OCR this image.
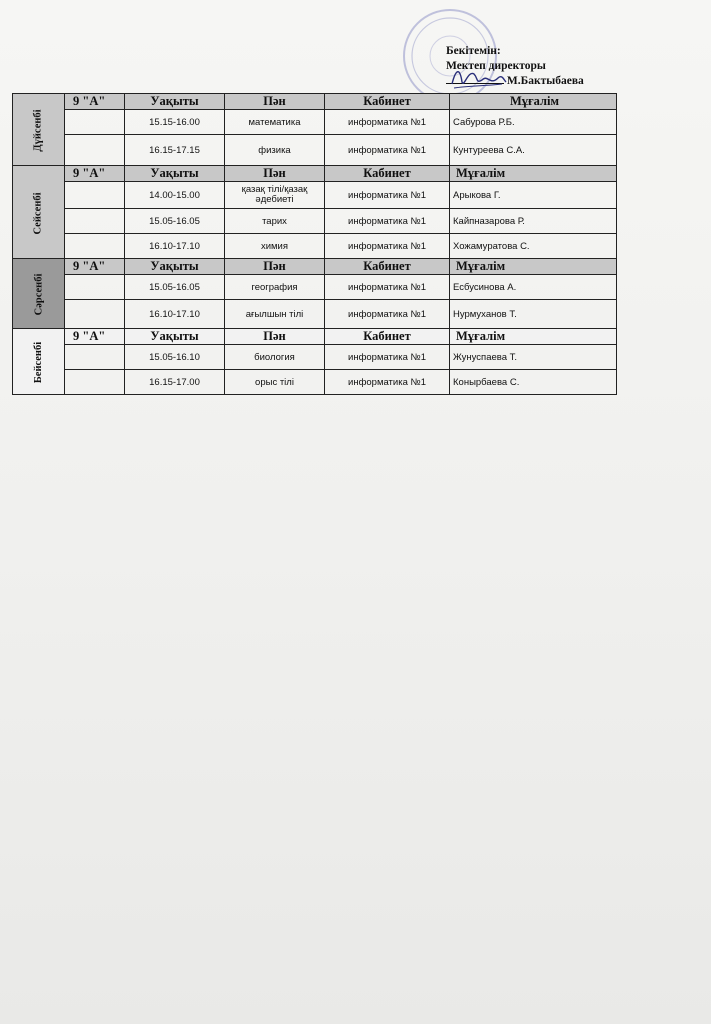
Бекітемін:
Мектеп директоры
М.Бактыбаева
Дүйсенбі	9 "А"	Уақыты	Пән	Кабинет	Мұғалім
		15.15-16.00	математика	информатика №1	Сабурова Р.Б.
		16.15-17.15	физика	информатика №1	Кунтуреева С.А.
Сейсенбі	9 "А"	Уақыты	Пән	Кабинет	Мұғалім
		14.00-15.00	қазақ тілі/қазақ әдебиеті	информатика №1	Арыкова Г.
		15.05-16.05	тарих	информатика №1	Кайпназарова Р.
		16.10-17.10	химия	информатика №1	Хожамуратова С.
Сәрсенбі	9 "А"	Уақыты	Пән	Кабинет	Мұғалім
		15.05-16.05	география	информатика №1	Есбусинова А.
		16.10-17.10	ағылшын тілі	информатика №1	Нурмуханов Т.
Бейсенбі	9 "А"	Уақыты	Пән	Кабинет	Мұғалім
		15.05-16.10	биология	информатика №1	Жунуспаева Т.
		16.15-17.00	орыс тілі	информатика №1	Конырбаева С.
